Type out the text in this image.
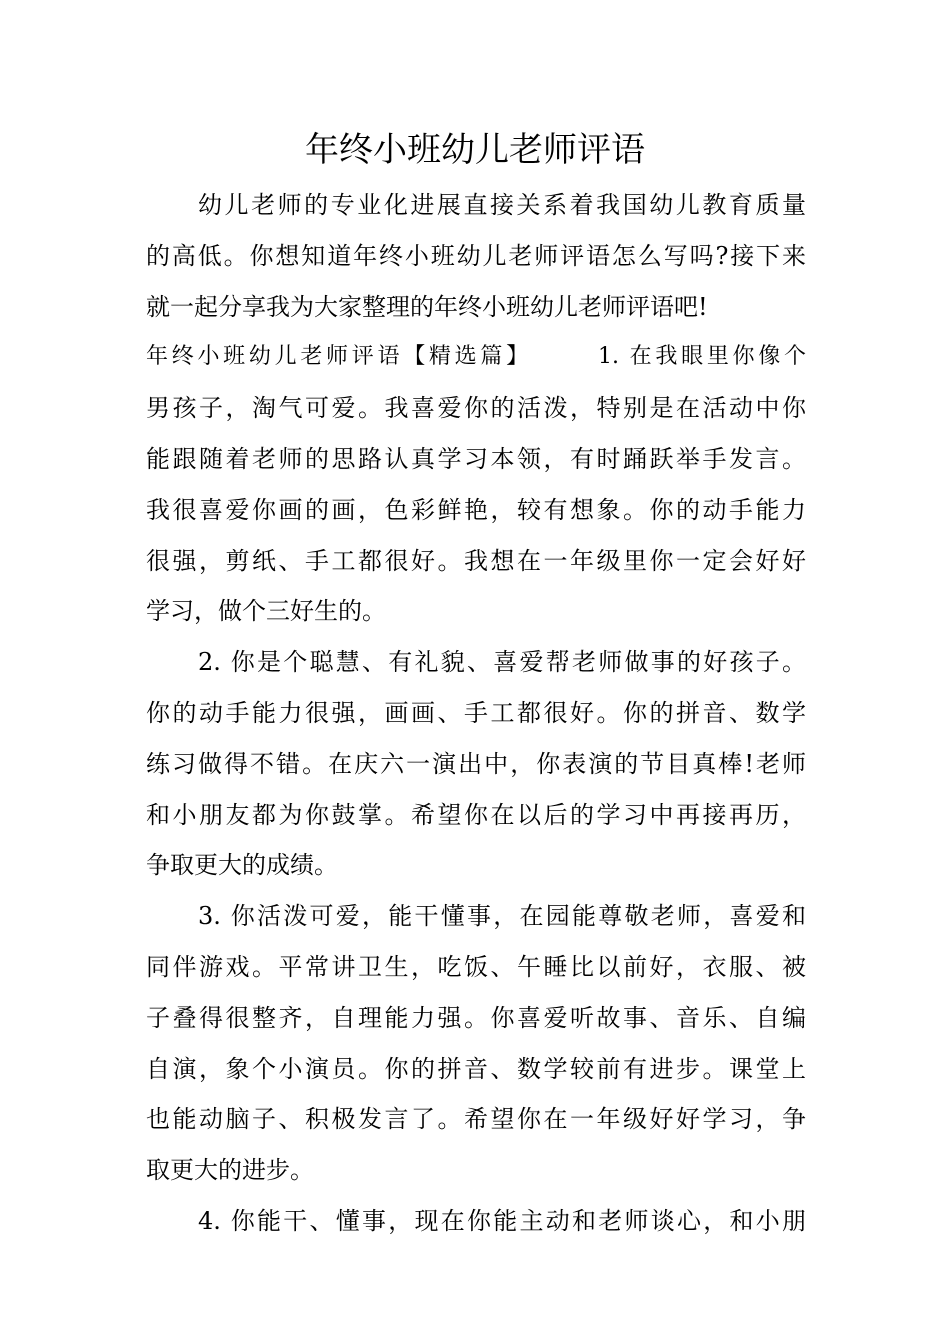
年终小班幼儿老师评语
幼儿老师的专业化进展直接关系着我国幼儿教育质量
的高低。你想知道年终小班幼儿老师评语怎么写吗?接下来
就一起分享我为大家整理的年终小班幼儿老师评语吧!
年终小班幼儿老师评语【精选篇】　　　1. 在我眼里你像个
男孩子，淘气可爱。我喜爱你的活泼，特别是在活动中你
能跟随着老师的思路认真学习本领，有时踊跃举手发言。
我很喜爱你画的画，色彩鲜艳，较有想象。你的动手能力
很强，剪纸、手工都很好。我想在一年级里你一定会好好
学习，做个三好生的。
2. 你是个聪慧、有礼貌、喜爱帮老师做事的好孩子。
你的动手能力很强，画画、手工都很好。你的拼音、数学
练习做得不错。在庆六一演出中，你表演的节目真棒!老师
和小朋友都为你鼓掌。希望你在以后的学习中再接再历，
争取更大的成绩。
3. 你活泼可爱，能干懂事，在园能尊敬老师，喜爱和
同伴游戏。平常讲卫生，吃饭、午睡比以前好，衣服、被
子叠得很整齐，自理能力强。你喜爱听故事、音乐、自编
自演，象个小演员。你的拼音、数学较前有进步。课堂上
也能动脑子、积极发言了。希望你在一年级好好学习，争
取更大的进步。
4. 你能干、懂事，现在你能主动和老师谈心，和小朋
